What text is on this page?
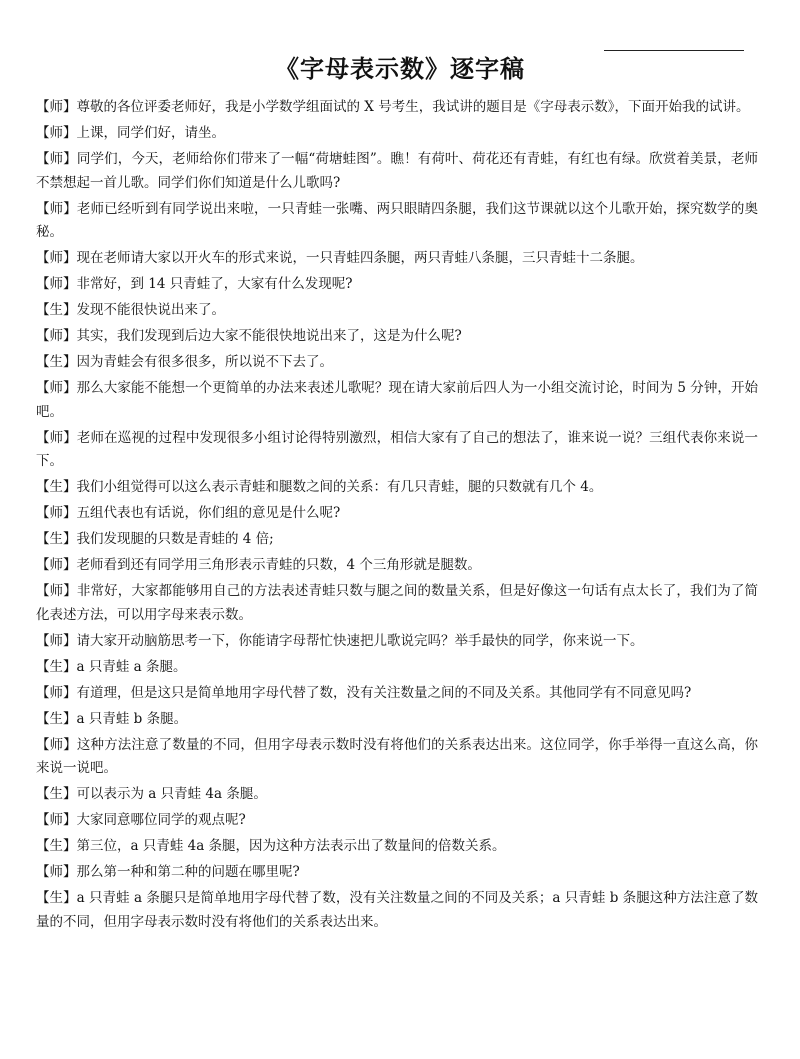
《字母表示数》逐字稿

【师】尊敬的各位评委老师好，我是小学数学组面试的 X 号考生，我试讲的题目是《字母表示数》，下面开始我的试讲。

【师】上课，同学们好，请坐。

【师】同学们，今天，老师给你们带来了一幅“荷塘蛙图”。瞧！有荷叶、荷花还有青蛙，有红也有绿。欣赏着美景，老师不禁想起一首儿歌。同学们你们知道是什么儿歌吗?

【师】老师已经听到有同学说出来啦，一只青蛙一张嘴、两只眼睛四条腿，我们这节课就以这个儿歌开始，探究数学的奥秘。

【师】现在老师请大家以开火车的形式来说，一只青蛙四条腿，两只青蛙八条腿，三只青蛙十二条腿。

【师】非常好，到 14 只青蛙了，大家有什么发现呢?

【生】发现不能很快说出来了。

【师】其实，我们发现到后边大家不能很快地说出来了，这是为什么呢?

【生】因为青蛙会有很多很多，所以说不下去了。

【师】那么大家能不能想一个更简单的办法来表述儿歌呢？现在请大家前后四人为一小组交流讨论，时间为 5 分钟，开始吧。

【师】老师在巡视的过程中发现很多小组讨论得特别激烈，相信大家有了自己的想法了，谁来说一说？三组代表你来说一下。

【生】我们小组觉得可以这么表示青蛙和腿数之间的关系：有几只青蛙，腿的只数就有几个 4。

【师】五组代表也有话说，你们组的意见是什么呢?

【生】我们发现腿的只数是青蛙的 4 倍;

【师】老师看到还有同学用三角形表示青蛙的只数，4 个三角形就是腿数。

【师】非常好，大家都能够用自己的方法表述青蛙只数与腿之间的数量关系，但是好像这一句话有点太长了，我们为了简化表述方法，可以用字母来表示数。

【师】请大家开动脑筋思考一下，你能请字母帮忙快速把儿歌说完吗？举手最快的同学，你来说一下。

【生】a 只青蛙 a 条腿。

【师】有道理，但是这只是简单地用字母代替了数，没有关注数量之间的不同及关系。其他同学有不同意见吗?

【生】a 只青蛙 b 条腿。

【师】这种方法注意了数量的不同，但用字母表示数时没有将他们的关系表达出来。这位同学，你手举得一直这么高，你来说一说吧。

【生】可以表示为 a 只青蛙 4a 条腿。

【师】大家同意哪位同学的观点呢?

【生】第三位，a 只青蛙 4a 条腿，因为这种方法表示出了数量间的倍数关系。

【师】那么第一种和第二种的问题在哪里呢?

【生】a 只青蛙 a 条腿只是简单地用字母代替了数，没有关注数量之间的不同及关系；a 只青蛙 b 条腿这种方法注意了数量的不同，但用字母表示数时没有将他们的关系表达出来。
